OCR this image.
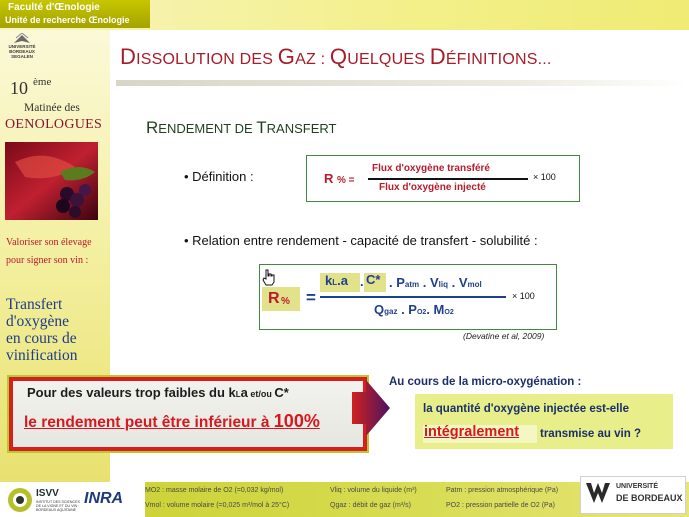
Faculté d'Œnologie
Unité de recherche Œnologie
UNIVERSITÉ
BORDEAUX
SEGALEN
10 ème
Matinée des
OENOLOGUES
Valoriser son élevage
pour signer son vin :
Transfert
d'oxygène
en cours de
vinification
DISSOLUTION DES GAZ : QUELQUES DÉFINITIONS...
RENDEMENT DE TRANSFERT
• Définition :	R % =
Flux d'oxygène transféré
Flux d'oxygène injecté
× 100
• Relation entre rendement - capacité de transfert - solubilité :
R % =
kL.a . C* . Patm . Vliq . Vmol
Qgaz . PO2. MO2
× 100
(Devatine et al, 2009)
Pour des valeurs trop faibles du kLa et/ou C*
le rendement peut être inférieur à 100%
Au cours de la micro-oxygénation :
la quantité d'oxygène injectée est-elle
intégralement transmise au vin ?
ISVV
INSTITUT DES SCIENCES DE LA VIGNE ET DU VIN · BORDEAUX AQUITAINE
INRA	MO2 : masse molaire de O2 (=0,032 kg/mol)
Vmol : volume molaire (=0,025 m³/mol à 25°C)
Vliq : volume du liquide (m³)
Qgaz : débit de gaz (m³/s)
Patm : pression atmosphérique (Pa)
PO2 : pression partielle de O2 (Pa)
UNIVERSITÉ
DE BORDEAUX
